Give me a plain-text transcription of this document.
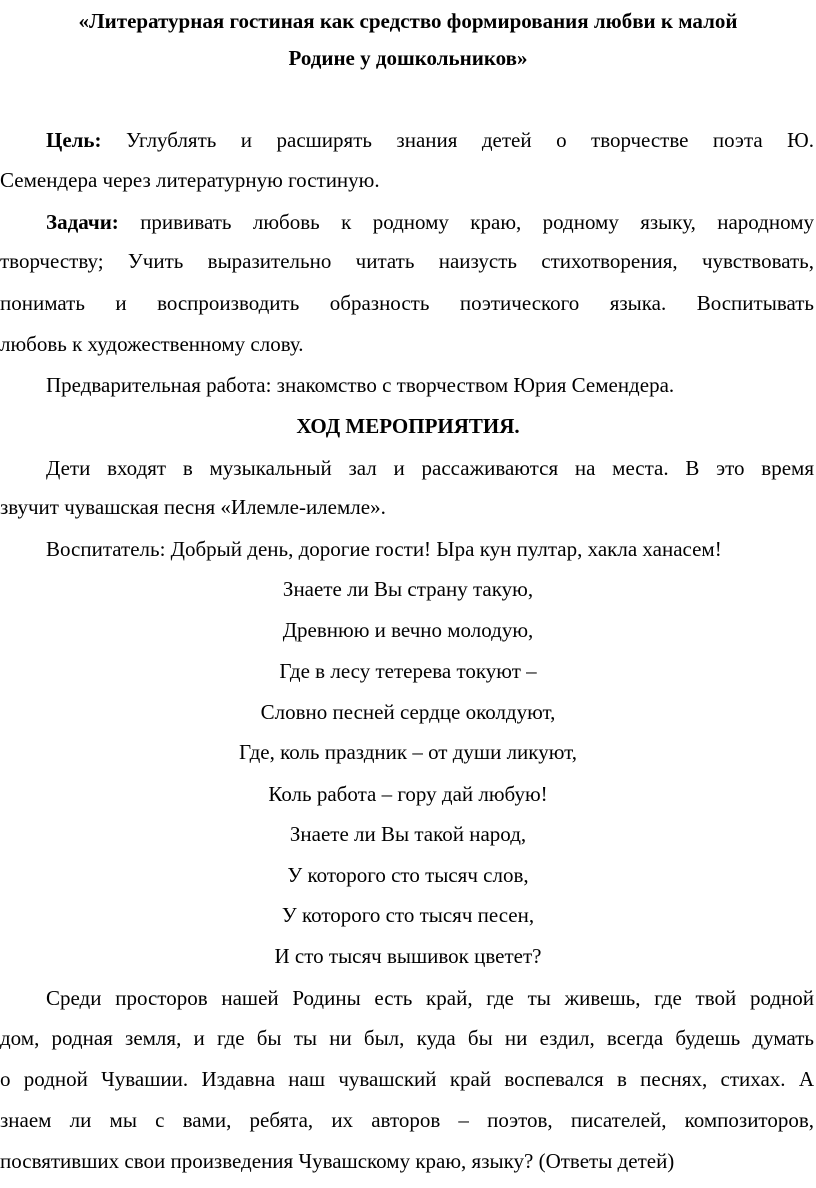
«Литературная гостиная как средство формирования любви к малой
Родине у дошкольников»
Цель: Углублять и расширять знания детей о творчестве поэта Ю.
Семендера через литературную гостиную.
Задачи: прививать любовь к родному краю, родному языку, народному
творчеству; Учить выразительно читать наизусть стихотворения, чувствовать,
понимать и воспроизводить образность поэтического языка. Воспитывать
любовь к художественному слову.
Предварительная работа: знакомство с творчеством Юрия Семендера.
ХОД МЕРОПРИЯТИЯ.
Дети входят в музыкальный зал и рассаживаются на места. В это время
звучит чувашская песня «Илемле-илемле».
Воспитатель: Добрый день, дорогие гости! Ыра кун пултар, хакла ханасем!
Знаете ли Вы страну такую,
Древнюю и вечно молодую,
Где в лесу тетерева токуют –
Словно песней сердце околдуют,
Где, коль праздник – от души ликуют,
Коль работа – гору дай любую!
Знаете ли Вы такой народ,
У которого сто тысяч слов,
У которого сто тысяч песен,
И сто тысяч вышивок цветет?
Среди просторов нашей Родины есть край, где ты живешь, где твой родной
дом, родная земля, и где бы ты ни был, куда бы ни ездил, всегда будешь думать
о родной Чувашии. Издавна наш чувашский край воспевался в песнях, стихах. А
знаем ли мы с вами, ребята, их авторов – поэтов, писателей, композиторов,
посвятивших свои произведения Чувашскому краю, языку? (Ответы детей)
